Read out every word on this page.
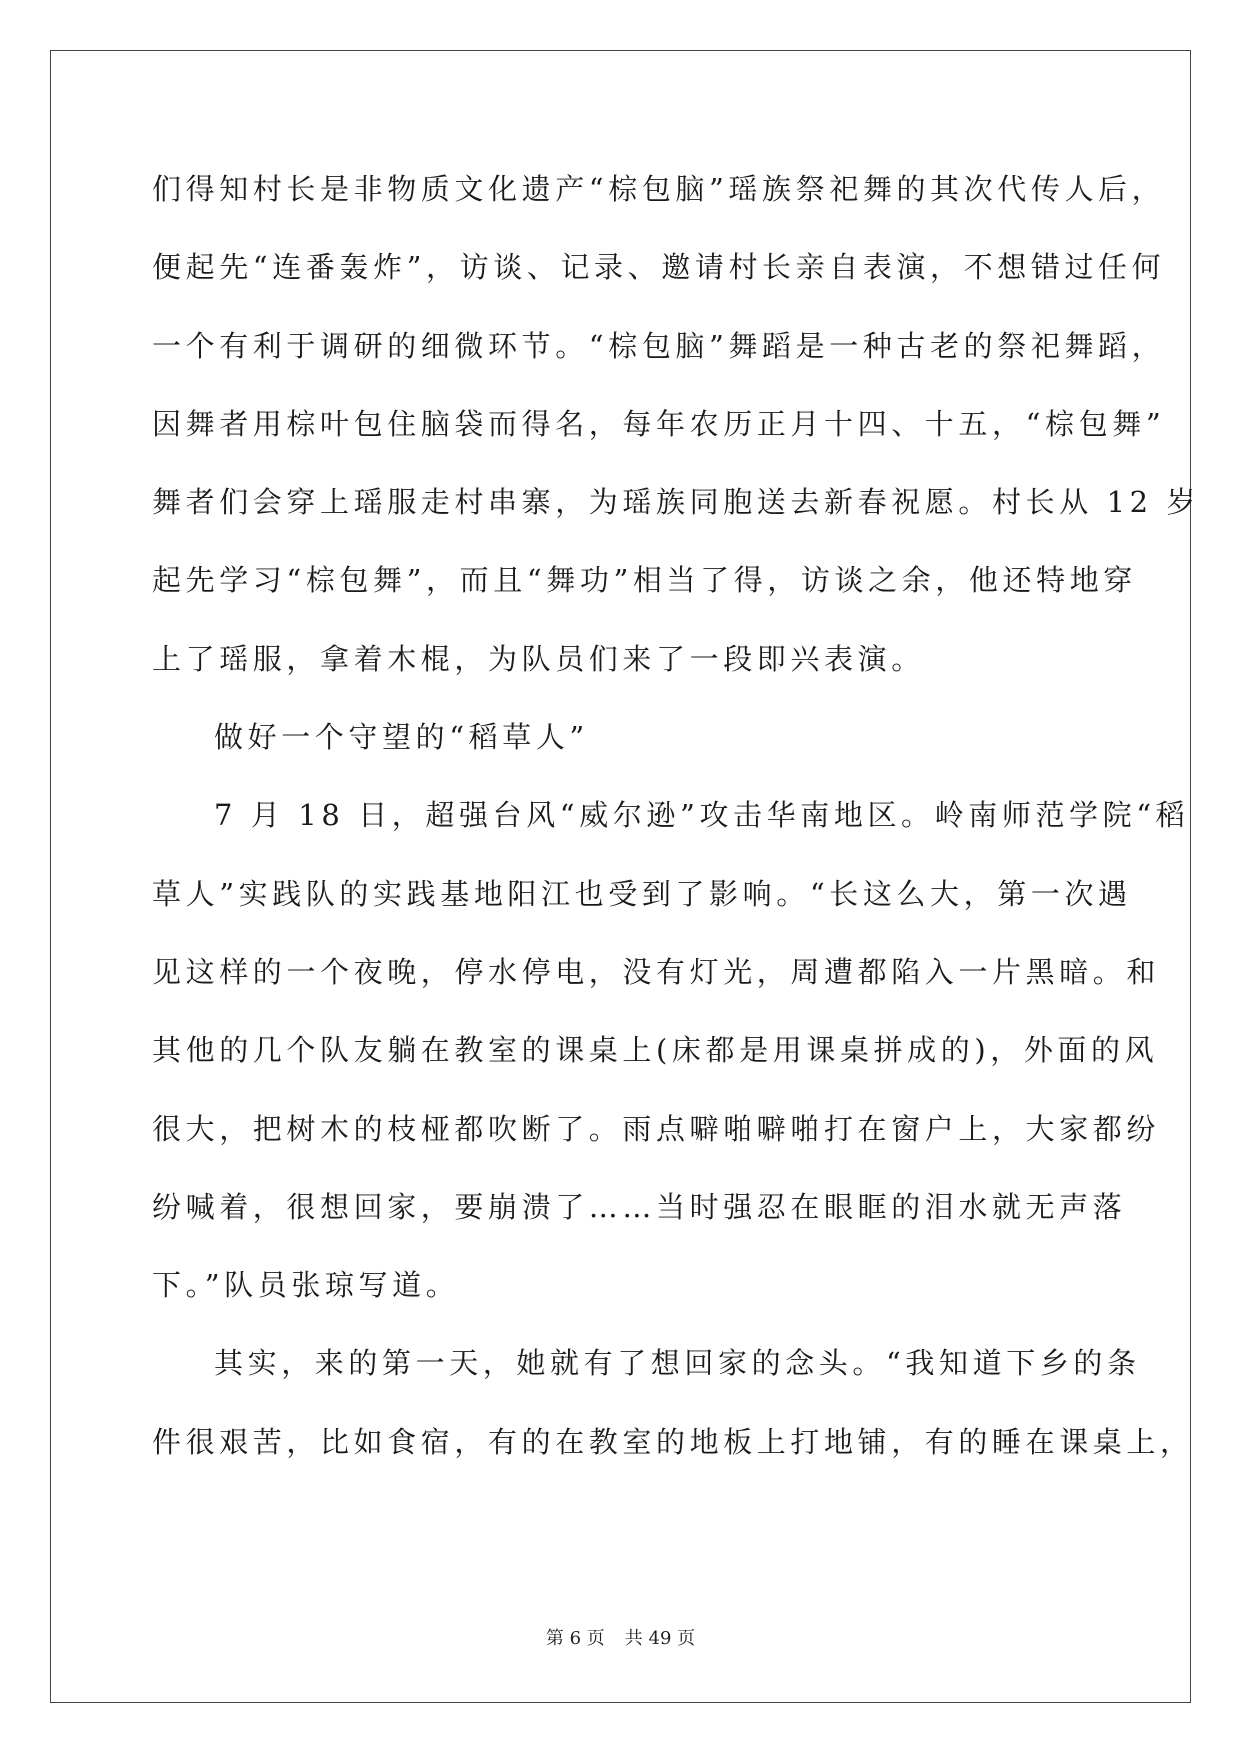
们得知村长是非物质文化遗产“棕包脑”瑶族祭祀舞的其次代传人后，
便起先“连番轰炸”，访谈、记录、邀请村长亲自表演，不想错过任何
一个有利于调研的细微环节。“棕包脑”舞蹈是一种古老的祭祀舞蹈，
因舞者用棕叶包住脑袋而得名，每年农历正月十四、十五，“棕包舞”
舞者们会穿上瑶服走村串寨，为瑶族同胞送去新春祝愿。村长从 12 岁
起先学习“棕包舞”，而且“舞功”相当了得，访谈之余，他还特地穿
上了瑶服，拿着木棍，为队员们来了一段即兴表演。
做好一个守望的“稻草人”
7 月 18 日，超强台风“威尔逊”攻击华南地区。岭南师范学院“稻
草人”实践队的实践基地阳江也受到了影响。“长这么大，第一次遇
见这样的一个夜晚，停水停电，没有灯光，周遭都陷入一片黑暗。和
其他的几个队友躺在教室的课桌上(床都是用课桌拼成的)，外面的风
很大，把树木的枝桠都吹断了。雨点噼啪噼啪打在窗户上，大家都纷
纷喊着，很想回家，要崩溃了……当时强忍在眼眶的泪水就无声落
下。”队员张琼写道。
其实，来的第一天，她就有了想回家的念头。“我知道下乡的条
件很艰苦，比如食宿，有的在教室的地板上打地铺，有的睡在课桌上，
第 6 页 共 49 页
